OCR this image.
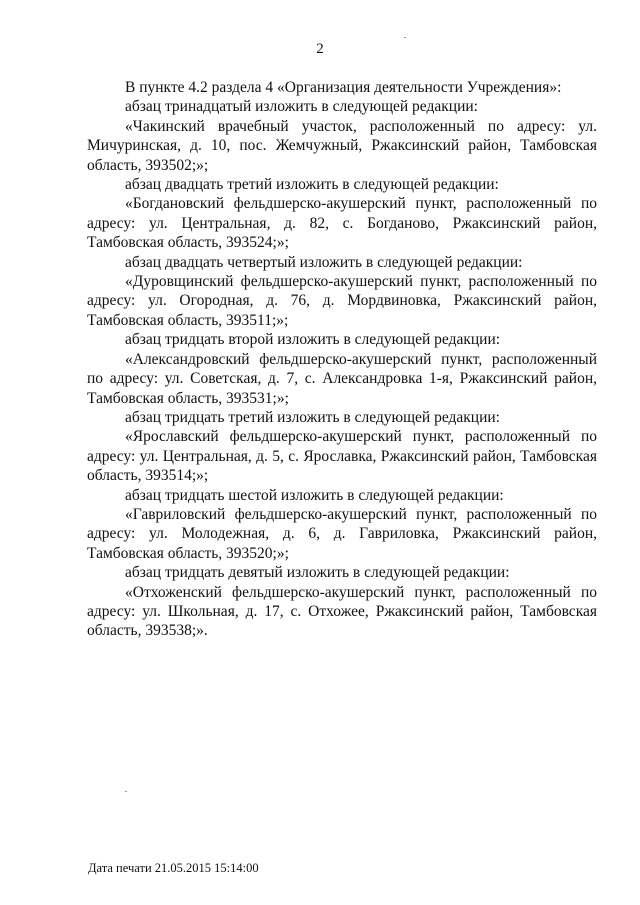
2

В пункте 4.2 раздела 4 «Организация деятельности Учреждения»:

абзац тринадцатый изложить в следующей редакции:

«Чакинский врачебный участок, расположенный по адресу: ул. Мичуринская, д. 10, пос. Жемчужный, Ржаксинский район, Тамбовская область, 393502;»;

абзац двадцать третий изложить в следующей редакции:

«Богдановский фельдшерско-акушерский пункт, расположенный по адресу: ул. Центральная, д. 82, с. Богданово, Ржаксинский район, Тамбовская область, 393524;»;

абзац двадцать четвертый изложить в следующей редакции:

«Дуровщинский фельдшерско-акушерский пункт, расположенный по адресу: ул. Огородная, д. 76, д. Мордвиновка, Ржаксинский район, Тамбовская область, 393511;»;

абзац тридцать второй изложить в следующей редакции:

«Александровский фельдшерско-акушерский пункт, расположенный по адресу: ул. Советская, д. 7, с. Александровка 1-я, Ржаксинский район, Тамбовская область, 393531;»;

абзац тридцать третий изложить в следующей редакции:

«Ярославский фельдшерско-акушерский пункт, расположенный по адресу: ул. Центральная, д. 5, с. Ярославка, Ржаксинский район, Тамбовская область, 393514;»;

абзац тридцать шестой изложить в следующей редакции:

«Гавриловский фельдшерско-акушерский пункт, расположенный по адресу: ул. Молодежная, д. 6, д. Гавриловка, Ржаксинский район, Тамбовская область, 393520;»;

абзац тридцать девятый изложить в следующей редакции:

«Отхоженский фельдшерско-акушерский пункт, расположенный по адресу: ул. Школьная, д. 17, с. Отхожее, Ржаксинский район, Тамбовская область, 393538;».

Дата печати 21.05.2015 15:14:00
